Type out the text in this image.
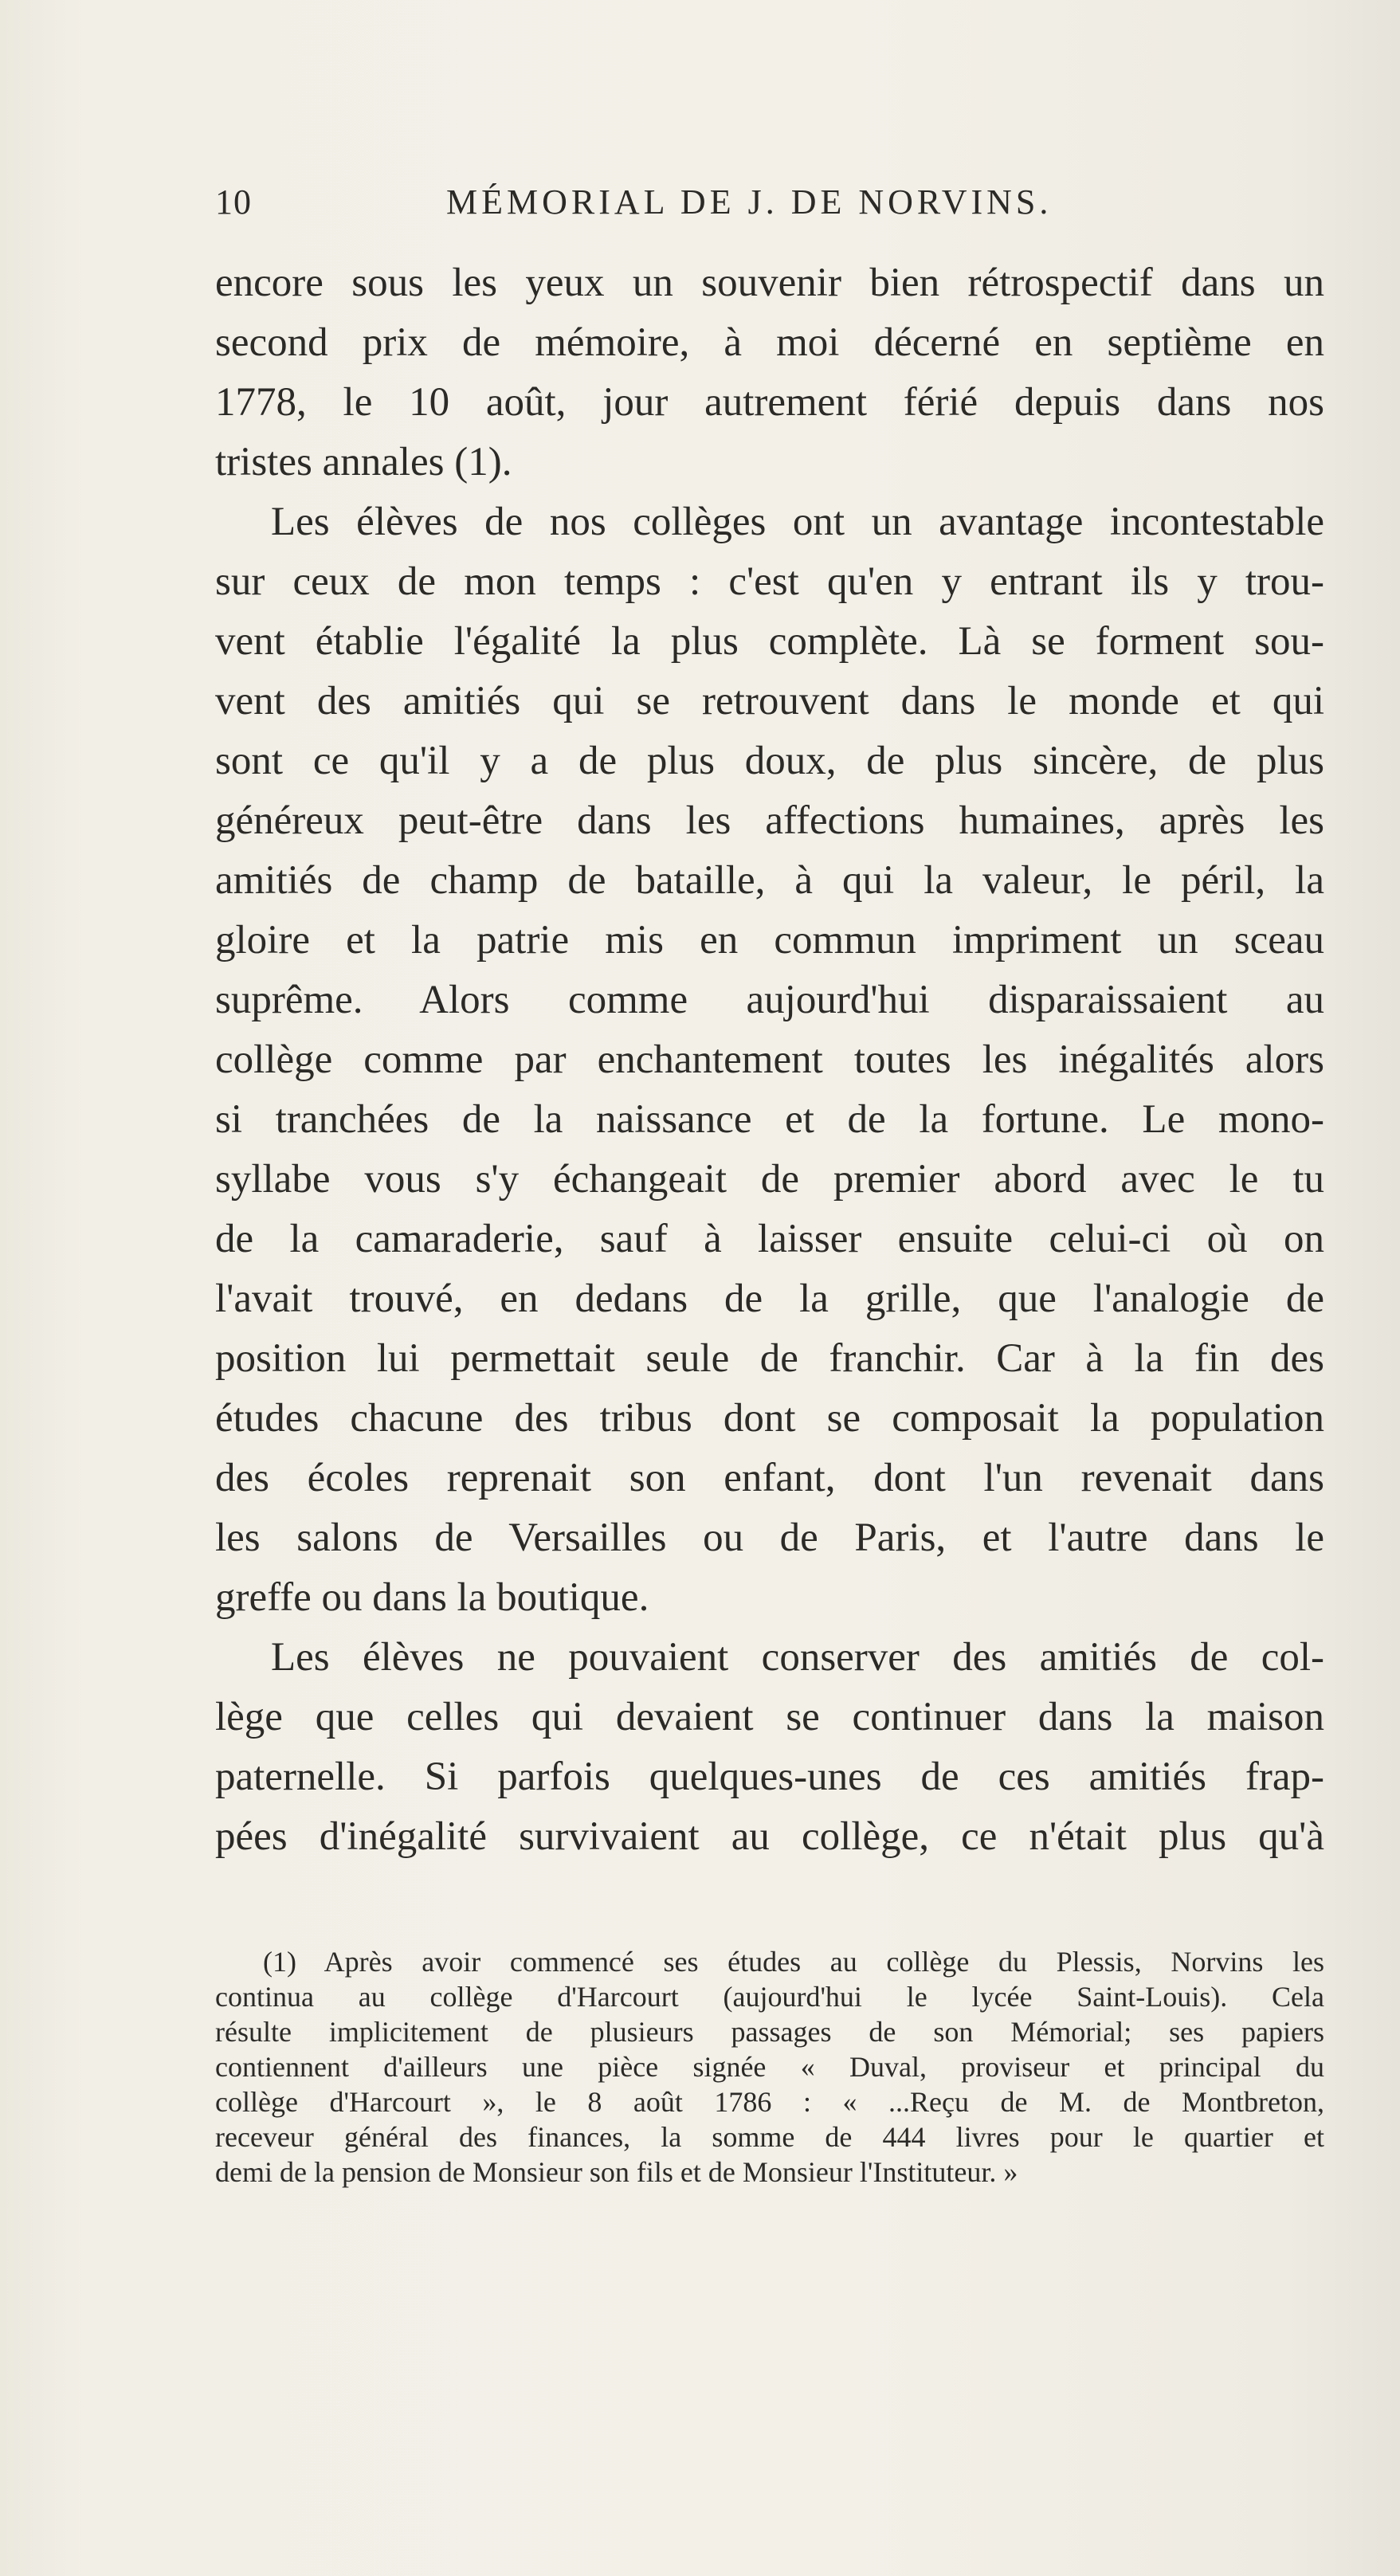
10	MÉMORIAL DE J. DE NORVINS.
encore sous les yeux un souvenir bien rétrospectif dans un
second prix de mémoire, à moi décerné en septième en
1778, le 10 août, jour autrement férié depuis dans nos
tristes annales (1).
Les élèves de nos collèges ont un avantage incontestable
sur ceux de mon temps : c'est qu'en y entrant ils y trou-
vent établie l'égalité la plus complète. Là se forment sou-
vent des amitiés qui se retrouvent dans le monde et qui
sont ce qu'il y a de plus doux, de plus sincère, de plus
généreux peut-être dans les affections humaines, après les
amitiés de champ de bataille, à qui la valeur, le péril, la
gloire et la patrie mis en commun impriment un sceau
suprême. Alors comme aujourd'hui disparaissaient au
collège comme par enchantement toutes les inégalités alors
si tranchées de la naissance et de la fortune. Le mono-
syllabe vous s'y échangeait de premier abord avec le tu
de la camaraderie, sauf à laisser ensuite celui-ci où on
l'avait trouvé, en dedans de la grille, que l'analogie de
position lui permettait seule de franchir. Car à la fin des
études chacune des tribus dont se composait la population
des écoles reprenait son enfant, dont l'un revenait dans
les salons de Versailles ou de Paris, et l'autre dans le
greffe ou dans la boutique.
Les élèves ne pouvaient conserver des amitiés de col-
lège que celles qui devaient se continuer dans la maison
paternelle. Si parfois quelques-unes de ces amitiés frap-
pées d'inégalité survivaient au collège, ce n'était plus qu'à
(1) Après avoir commencé ses études au collège du Plessis, Norvins les
continua au collège d'Harcourt (aujourd'hui le lycée Saint-Louis). Cela
résulte implicitement de plusieurs passages de son Mémorial; ses papiers
contiennent d'ailleurs une pièce signée « Duval, proviseur et principal du
collège d'Harcourt », le 8 août 1786 : « ...Reçu de M. de Montbreton,
receveur général des finances, la somme de 444 livres pour le quartier et
demi de la pension de Monsieur son fils et de Monsieur l'Instituteur. »
